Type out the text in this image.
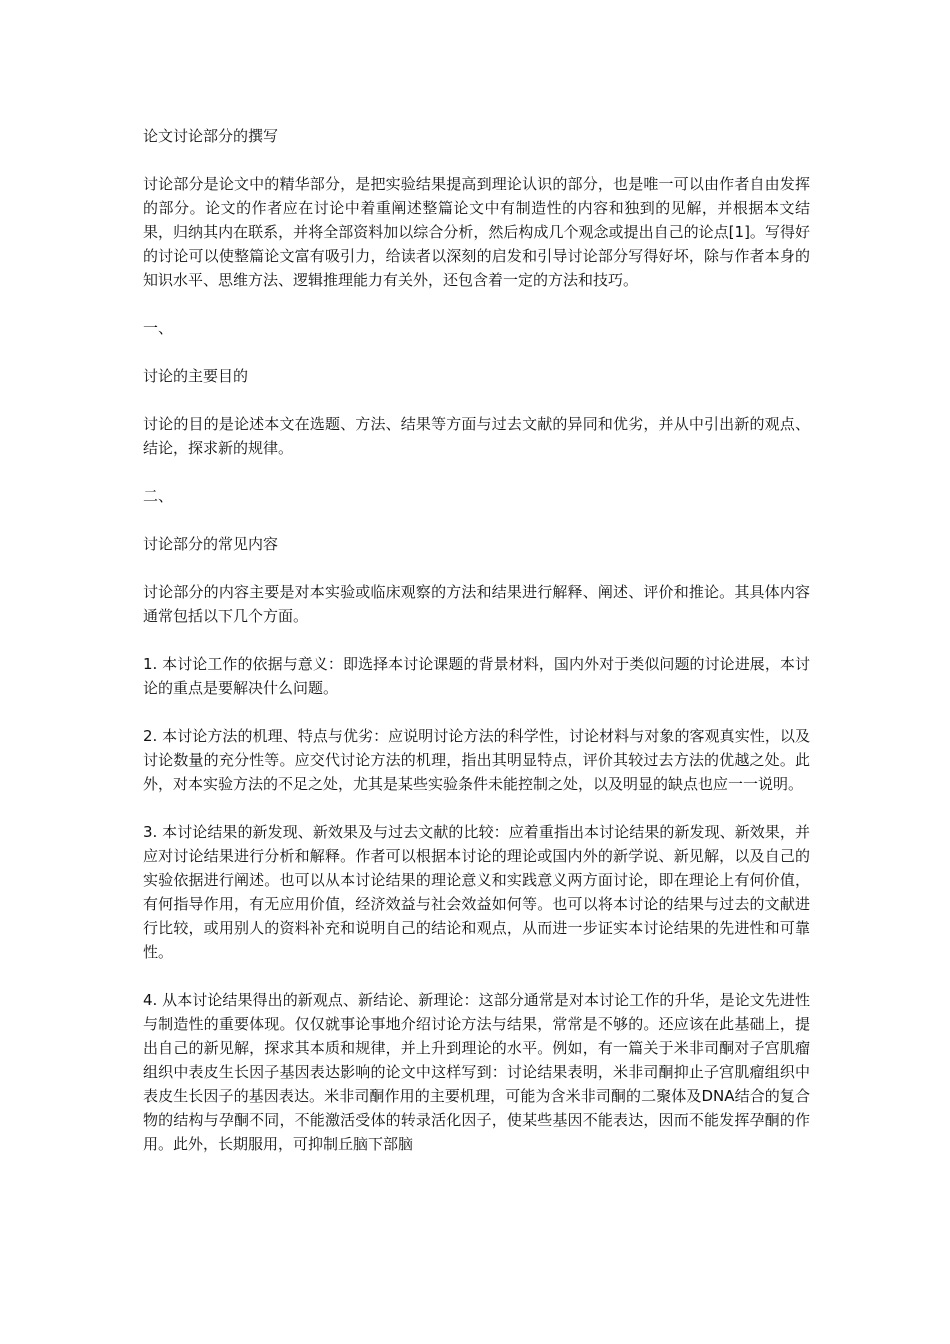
论文讨论部分的撰写

讨论部分是论文中的精华部分，是把实验结果提高到理论认识的部分，也是唯一可以由作者自由发挥的部分。论文的作者应在讨论中着重阐述整篇论文中有制造性的内容和独到的见解，并根据本文结果，归纳其内在联系，并将全部资料加以综合分析，然后构成几个观念或提出自己的论点[1]。写得好的讨论可以使整篇论文富有吸引力，给读者以深刻的启发和引导讨论部分写得好坏，除与作者本身的知识水平、思维方法、逻辑推理能力有关外，还包含着一定的方法和技巧。

一、

讨论的主要目的

讨论的目的是论述本文在选题、方法、结果等方面与过去文献的异同和优劣，并从中引出新的观点、结论，探求新的规律。

二、

讨论部分的常见内容

讨论部分的内容主要是对本实验或临床观察的方法和结果进行解释、阐述、评价和推论。其具体内容通常包括以下几个方面。

1. 本讨论工作的依据与意义：即选择本讨论课题的背景材料，国内外对于类似问题的讨论进展，本讨论的重点是要解决什么问题。

2. 本讨论方法的机理、特点与优劣：应说明讨论方法的科学性，讨论材料与对象的客观真实性，以及讨论数量的充分性等。应交代讨论方法的机理，指出其明显特点，评价其较过去方法的优越之处。此外，对本实验方法的不足之处，尤其是某些实验条件未能控制之处，以及明显的缺点也应一一说明。

3. 本讨论结果的新发现、新效果及与过去文献的比较：应着重指出本讨论结果的新发现、新效果，并应对讨论结果进行分析和解释。作者可以根据本讨论的理论或国内外的新学说、新见解，以及自己的实验依据进行阐述。也可以从本讨论结果的理论意义和实践意义两方面讨论，即在理论上有何价值，有何指导作用，有无应用价值，经济效益与社会效益如何等。也可以将本讨论的结果与过去的文献进行比较，或用别人的资料补充和说明自己的结论和观点，从而进一步证实本讨论结果的先进性和可靠性。

4. 从本讨论结果得出的新观点、新结论、新理论：这部分通常是对本讨论工作的升华，是论文先进性与制造性的重要体现。仅仅就事论事地介绍讨论方法与结果，常常是不够的。还应该在此基础上，提出自己的新见解，探求其本质和规律，并上升到理论的水平。例如，有一篇关于米非司酮对子宫肌瘤组织中表皮生长因子基因表达影响的论文中这样写到：讨论结果表明，米非司酮抑止子宫肌瘤组织中表皮生长因子的基因表达。米非司酮作用的主要机理，可能为含米非司酮的二聚体及DNA结合的复合物的结构与孕酮不同，不能激活受体的转录活化因子，使某些基因不能表达，因而不能发挥孕酮的作用。此外，长期服用，可抑制丘脑下部脑
